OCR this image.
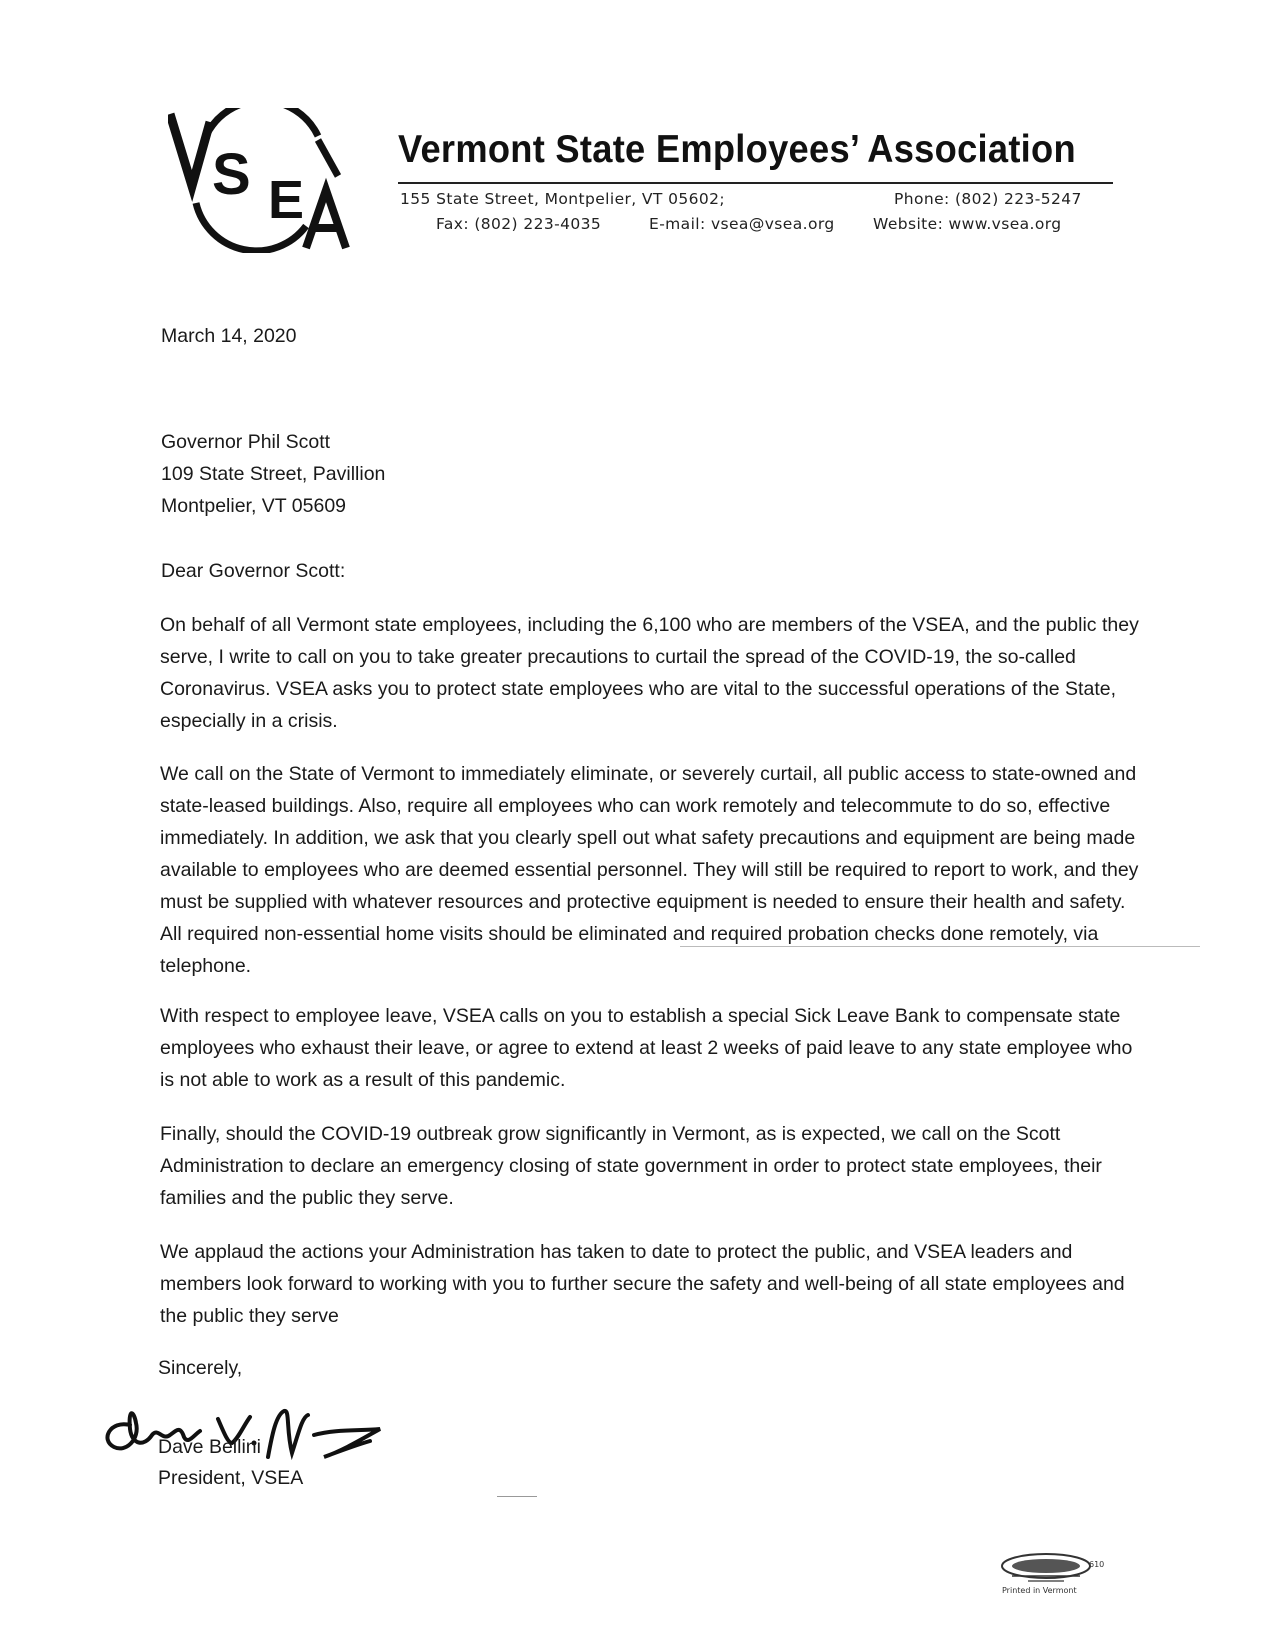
S E
Vermont State Employees’ Association
155 State Street, Montpelier, VT 05602;	Phone: (802) 223-5247
Fax: (802) 223-4035	E-mail: vsea@vsea.org Website: www.vsea.org
March 14, 2020
Governor Phil Scott
109 State Street, Pavillion
Montpelier, VT 05609
Dear Governor Scott:
On behalf of all Vermont state employees, including the 6,100 who are members of the VSEA, and the public they serve, I write to call on you to take greater precautions to curtail the spread of the COVID-19, the so-called Coronavirus. VSEA asks you to protect state employees who are vital to the successful operations of the State, especially in a crisis.
We call on the State of Vermont to immediately eliminate, or severely curtail, all public access to state-owned and state-leased buildings. Also, require all employees who can work remotely and telecommute to do so, effective immediately. In addition, we ask that you clearly spell out what safety precautions and equipment are being made available to employees who are deemed essential personnel. They will still be required to report to work, and they must be supplied with whatever resources and protective equipment is needed to ensure their health and safety. All required non-essential home visits should be eliminated and required probation checks done remotely, via telephone.
With respect to employee leave, VSEA calls on you to establish a special Sick Leave Bank to compensate state employees who exhaust their leave, or agree to extend at least 2 weeks of paid leave to any state employee who is not able to work as a result of this pandemic.
Finally, should the COVID-19 outbreak grow significantly in Vermont, as is expected, we call on the Scott Administration to declare an emergency closing of state government in order to protect state employees, their families and the public they serve.
We applaud the actions your Administration has taken to date to protect the public, and VSEA leaders and members look forward to working with you to further secure the safety and well-being of all state employees and the public they serve
Sincerely,
Dave Bellini
President, VSEA
610
Printed in Vermont
